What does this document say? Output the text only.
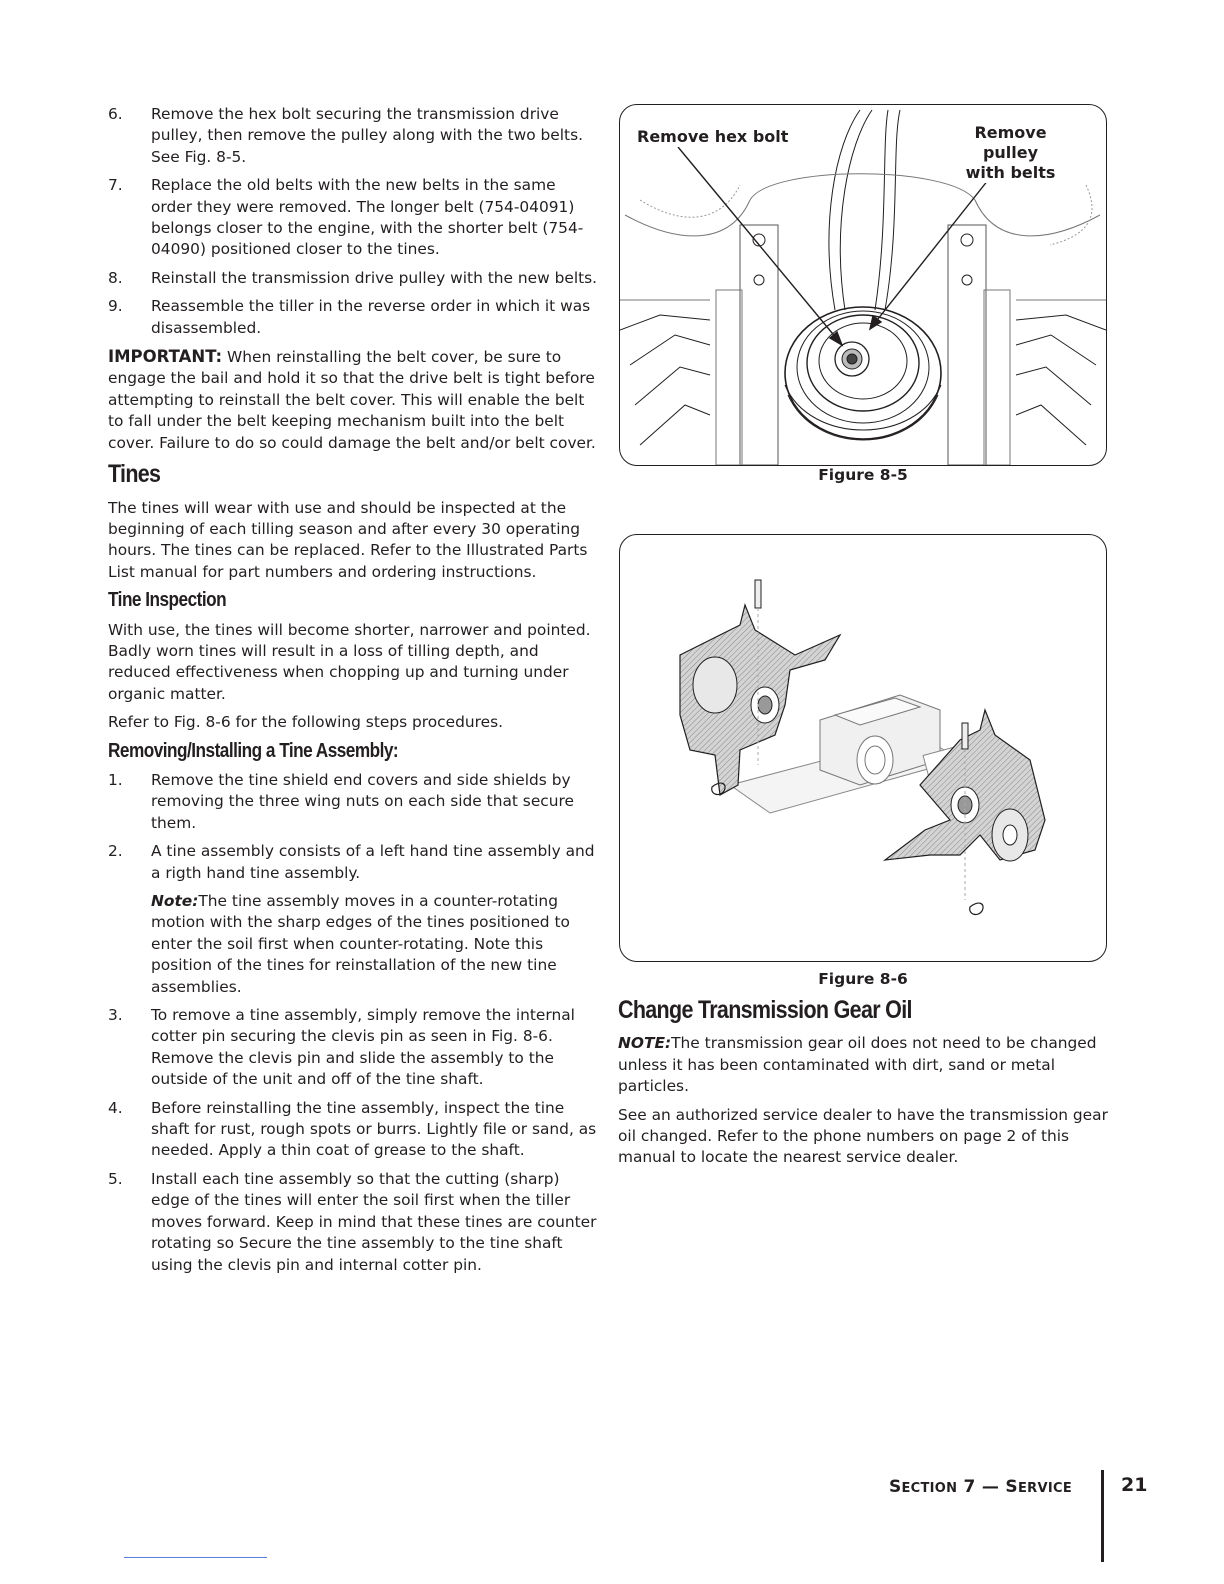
6. Remove the hex bolt securing the transmission drive pulley, then remove the pulley along with the two belts. See Fig. 8-5.
7. Replace the old belts with the new belts in the same order they were removed. The longer belt (754-04091) belongs closer to the engine, with the shorter belt (754-04090) positioned closer to the tines.
8. Reinstall the transmission drive pulley with the new belts.
9. Reassemble the tiller in the reverse order in which it was disassembled.

IMPORTANT: When reinstalling the belt cover, be sure to engage the bail and hold it so that the drive belt is tight before attempting to reinstall the belt cover. This will enable the belt to fall under the belt keeping mechanism built into the belt cover. Failure to do so could damage the belt and/or belt cover.

Tines

The tines will wear with use and should be inspected at the beginning of each tilling season and after every 30 operating hours. The tines can be replaced. Refer to the Illustrated Parts List manual for part numbers and ordering instructions.

Tine Inspection

With use, the tines will become shorter, narrower and pointed. Badly worn tines will result in a loss of tilling depth, and reduced effectiveness when chopping up and turning under organic matter.

Refer to Fig. 8-6 for the following steps procedures.

Removing/Installing a Tine Assembly:
1. Remove the tine shield end covers and side shields by removing the three wing nuts on each side that secure them.
2. A tine assembly consists of a left hand tine assembly and a rigth hand tine assembly.
Note:The tine assembly moves in a counter-rotating motion with the sharp edges of the tines positioned to enter the soil first when counter-rotating. Note this position of the tines for reinstallation of the new tine assemblies.
3. To remove a tine assembly, simply remove the internal cotter pin securing the clevis pin as seen in Fig. 8-6. Remove the clevis pin and slide the assembly to the outside of the unit and off of the tine shaft.
4. Before reinstalling the tine assembly, inspect the tine shaft for rust, rough spots or burrs. Lightly file or sand, as needed. Apply a thin coat of grease to the shaft.
5. Install each tine assembly so that the cutting (sharp) edge of the tines will enter the soil first when the tiller moves forward. Keep in mind that these tines are counter rotating so Secure the tine assembly to the tine shaft using the clevis pin and internal cotter pin.
Remove hex bolt	Remove pulley
with belts
Figure 8-5
Figure 8-6
Change Transmission Gear Oil

NOTE:The transmission gear oil does not need to be changed unless it has been contaminated with dirt, sand or metal particles.

See an authorized service dealer to have the transmission gear oil changed. Refer to the phone numbers on page 2 of this manual to locate the nearest service dealer.

SECTION 7 — SERVICE	21
